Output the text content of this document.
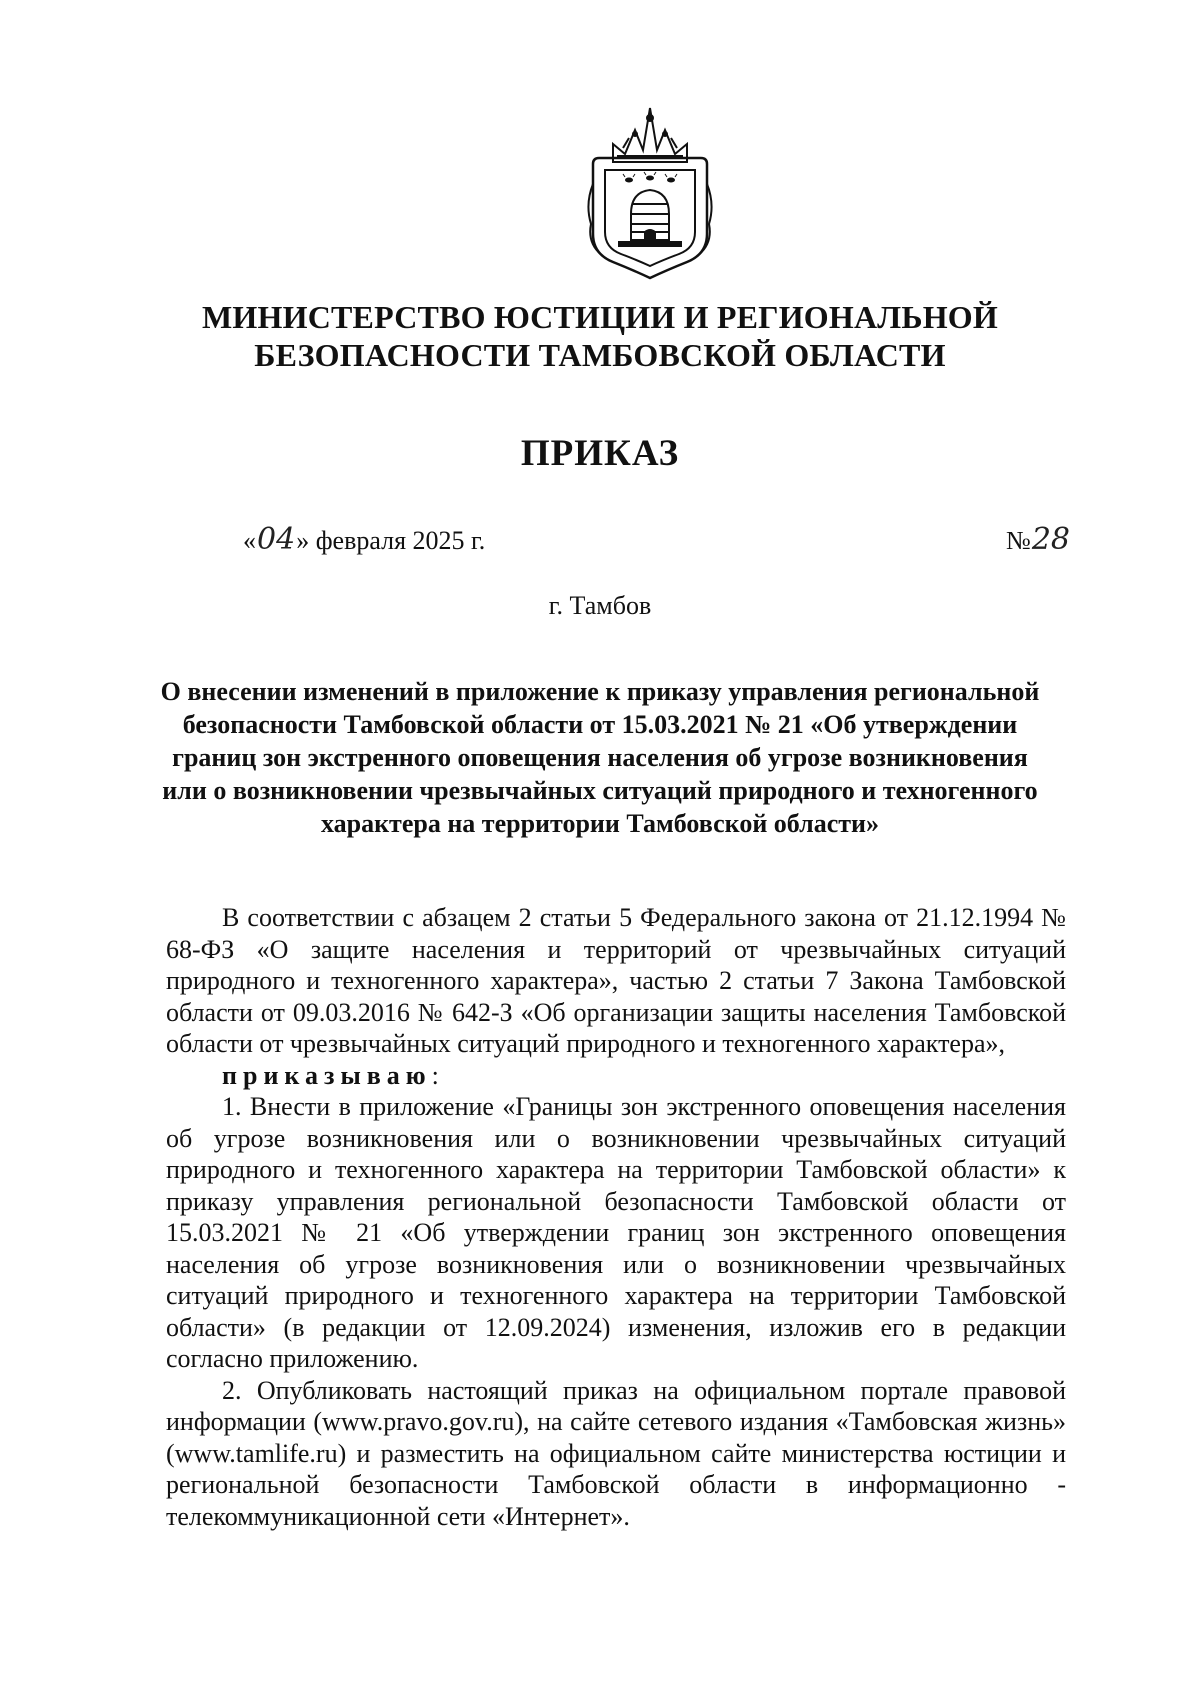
МИНИСТЕРСТВО ЮСТИЦИИ И РЕГИОНАЛЬНОЙ БЕЗОПАСНОСТИ ТАМБОВСКОЙ ОБЛАСТИ
ПРИКАЗ
«04» февраля 2025 г.	№28
г. Тамбов
О внесении изменений в приложение к приказу управления региональной безопасности Тамбовской области от 15.03.2021 № 21 «Об утверждении границ зон экстренного оповещения населения об угрозе возникновения или о возникновении чрезвычайных ситуаций природного и техногенного характера на территории Тамбовской области»

В соответствии с абзацем 2 статьи 5 Федерального закона от 21.12.1994 № 68-ФЗ «О защите населения и территорий от чрезвычайных ситуаций природного и техногенного характера», частью 2 статьи 7 Закона Тамбовской области от 09.03.2016 № 642-З «Об организации защиты населения Тамбовской области от чрезвычайных ситуаций природного и техногенного характера»,

приказываю:

1. Внести в приложение «Границы зон экстренного оповещения населения об угрозе возникновения или о возникновении чрезвычайных ситуаций природного и техногенного характера на территории Тамбовской области» к приказу управления региональной безопасности Тамбовской области от 15.03.2021 № 21 «Об утверждении границ зон экстренного оповещения населения об угрозе возникновения или о возникновении чрезвычайных ситуаций природного и техногенного характера на территории Тамбовской области» (в редакции от 12.09.2024) изменения, изложив его в редакции согласно приложению.

2. Опубликовать настоящий приказ на официальном портале правовой информации (www.pravo.gov.ru), на сайте сетевого издания «Тамбовская жизнь» (www.tamlife.ru) и разместить на официальном сайте министерства юстиции и региональной безопасности Тамбовской области в информационно - телекоммуникационной сети «Интернет».
